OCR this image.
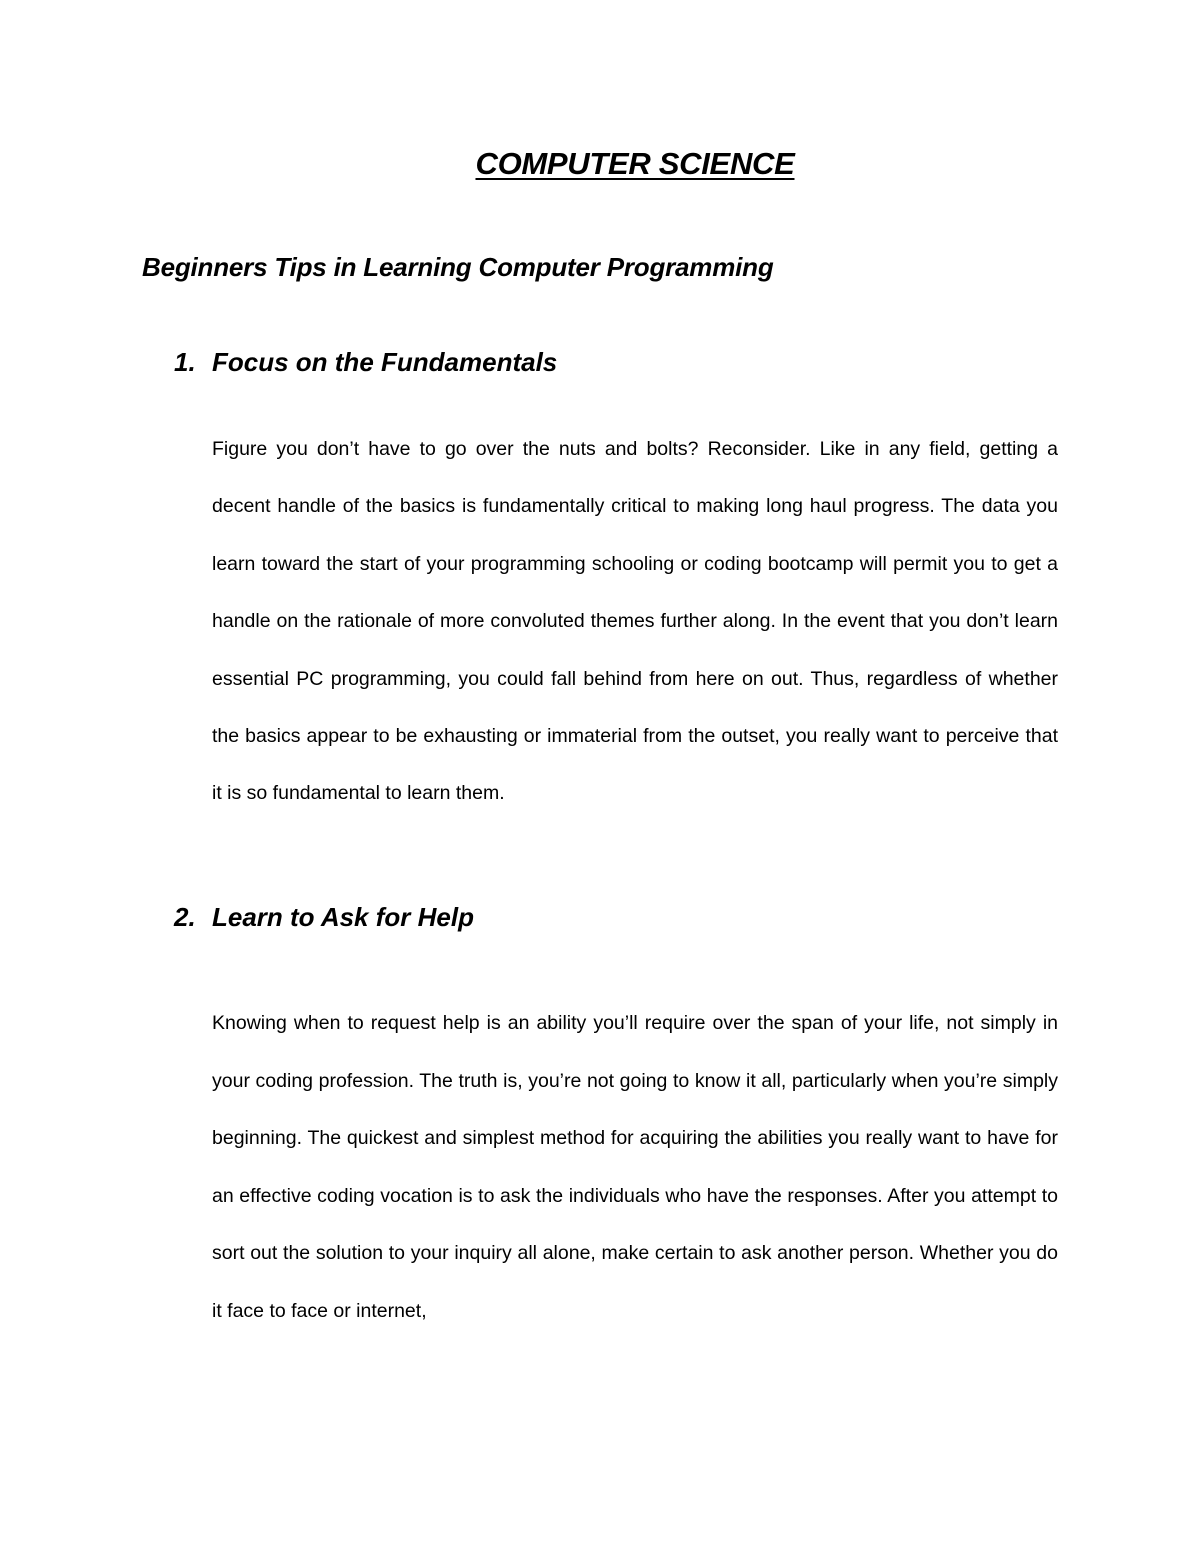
COMPUTER SCIENCE
Beginners Tips in Learning Computer Programming
1. Focus on the Fundamentals

Figure you don’t have to go over the nuts and bolts? Reconsider. Like in any field, getting a decent handle of the basics is fundamentally critical to making long haul progress. The data you learn toward the start of your programming schooling or coding bootcamp will permit you to get a handle on the rationale of more convoluted themes further along. In the event that you don’t learn essential PC programming, you could fall behind from here on out. Thus, regardless of whether the basics appear to be exhausting or immaterial from the outset, you really want to perceive that it is so fundamental to learn them.

2. Learn to Ask for Help

Knowing when to request help is an ability you’ll require over the span of your life, not simply in your coding profession. The truth is, you’re not going to know it all, particularly when you’re simply beginning. The quickest and simplest method for acquiring the abilities you really want to have for an effective coding vocation is to ask the individuals who have the responses. After you attempt to sort out the solution to your inquiry all alone, make certain to ask another person. Whether you do it face to face or internet,
